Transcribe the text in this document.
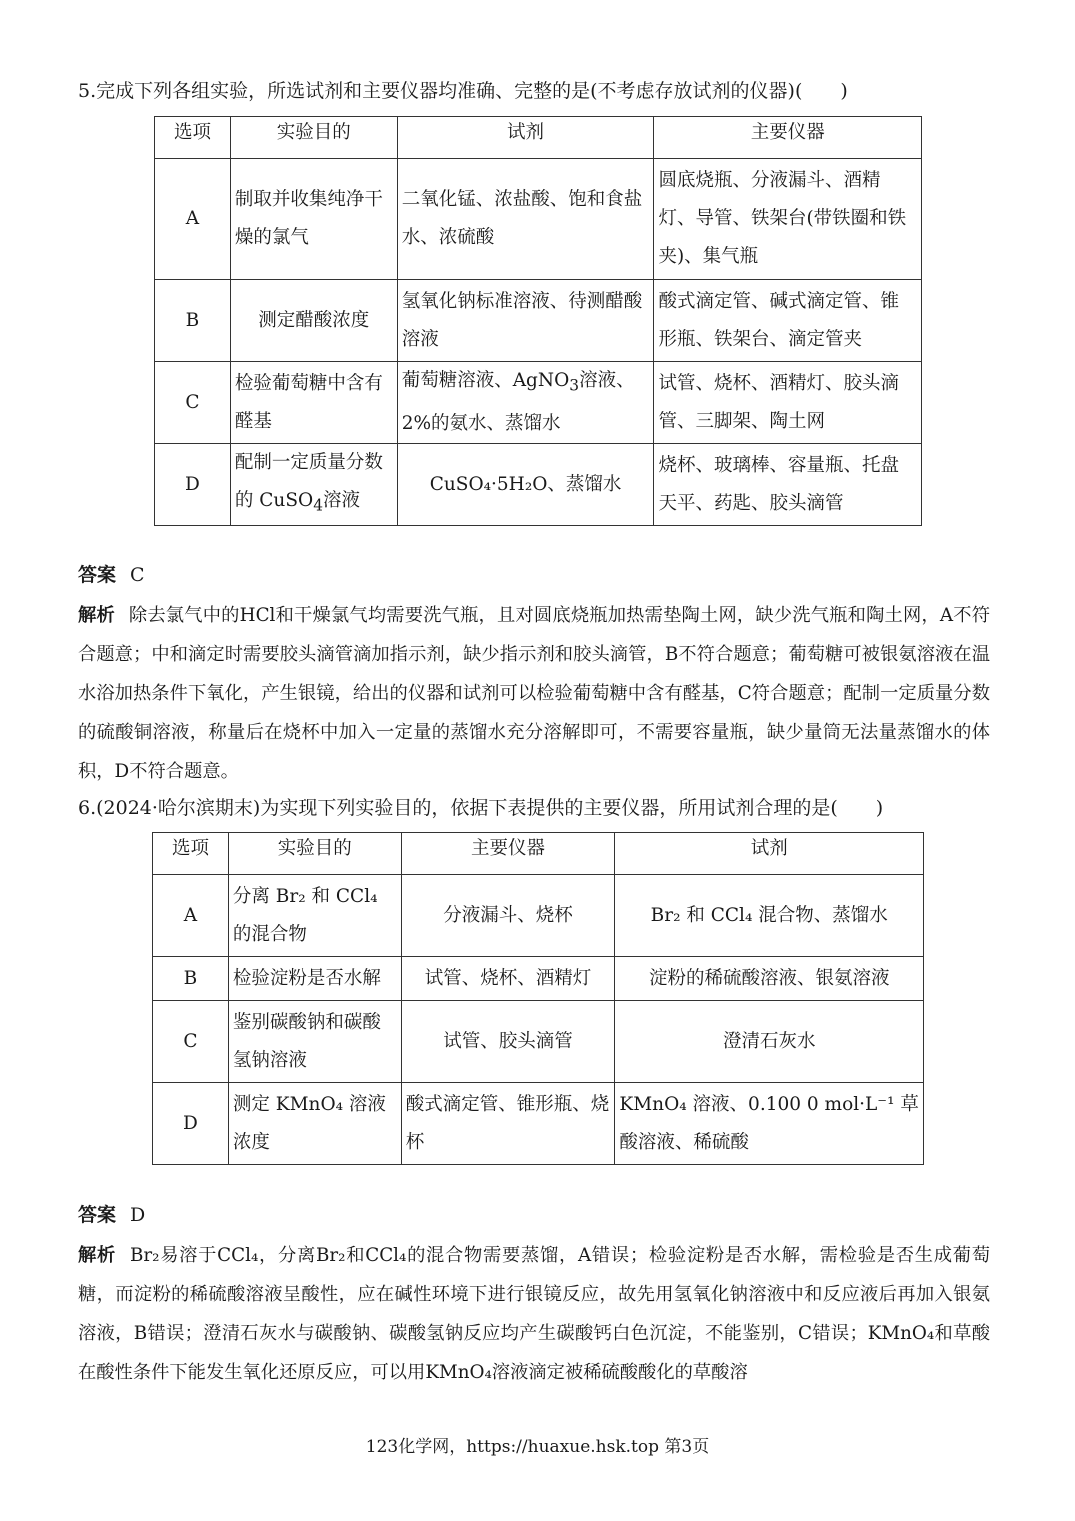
5.完成下列各组实验，所选试剂和主要仪器均准确、完整的是(不考虑存放试剂的仪器)(　　)
选项	实验目的	试剂	主要仪器
A	制取并收集纯净干燥的氯气	二氧化锰、浓盐酸、饱和食盐水、浓硫酸	圆底烧瓶、分液漏斗、酒精灯、导管、铁架台(带铁圈和铁夹)、集气瓶
B	测定醋酸浓度	氢氧化钠标准溶液、待测醋酸溶液	酸式滴定管、碱式滴定管、锥形瓶、铁架台、滴定管夹
C	检验葡萄糖中含有醛基	葡萄糖溶液、AgNO$_3$溶液、2%的氨水、蒸馏水	试管、烧杯、酒精灯、胶头滴管、三脚架、陶土网
D	配制一定质量分数的 CuSO$_4$溶液	CuSO₄·5H₂O、蒸馏水	烧杯、玻璃棒、容量瓶、托盘天平、药匙、胶头滴管
答案 C
解析 除去氯气中的HCl和干燥氯气均需要洗气瓶，且对圆底烧瓶加热需垫陶土网，缺少洗气瓶和陶土网，A不符合题意；中和滴定时需要胶头滴管滴加指示剂，缺少指示剂和胶头滴管，B不符合题意；葡萄糖可被银氨溶液在温水浴加热条件下氧化，产生银镜，给出的仪器和试剂可以检验葡萄糖中含有醛基，C符合题意；配制一定质量分数的硫酸铜溶液，称量后在烧杯中加入一定量的蒸馏水充分溶解即可，不需要容量瓶，缺少量筒无法量蒸馏水的体积，D不符合题意。
6.(2024·哈尔滨期末)为实现下列实验目的，依据下表提供的主要仪器，所用试剂合理的是(　　)
选项	实验目的	主要仪器	试剂
A	分离 Br₂ 和 CCl₄ 的混合物	分液漏斗、烧杯	Br₂ 和 CCl₄ 混合物、蒸馏水
B	检验淀粉是否水解	试管、烧杯、酒精灯	淀粉的稀硫酸溶液、银氨溶液
C	鉴别碳酸钠和碳酸氢钠溶液	试管、胶头滴管	澄清石灰水
D	测定 KMnO₄ 溶液浓度	酸式滴定管、锥形瓶、烧杯	KMnO₄ 溶液、0.100 0 mol·L⁻¹ 草酸溶液、稀硫酸
答案 D
解析 Br₂易溶于CCl₄，分离Br₂和CCl₄的混合物需要蒸馏，A错误；检验淀粉是否水解，需检验是否生成葡萄糖，而淀粉的稀硫酸溶液呈酸性，应在碱性环境下进行银镜反应，故先用氢氧化钠溶液中和反应液后再加入银氨溶液，B错误；澄清石灰水与碳酸钠、碳酸氢钠反应均产生碳酸钙白色沉淀，不能鉴别，C错误；KMnO₄和草酸在酸性条件下能发生氧化还原反应，可以用KMnO₄溶液滴定被稀硫酸酸化的草酸溶
123化学网，https://huaxue.hsk.top 第3页
